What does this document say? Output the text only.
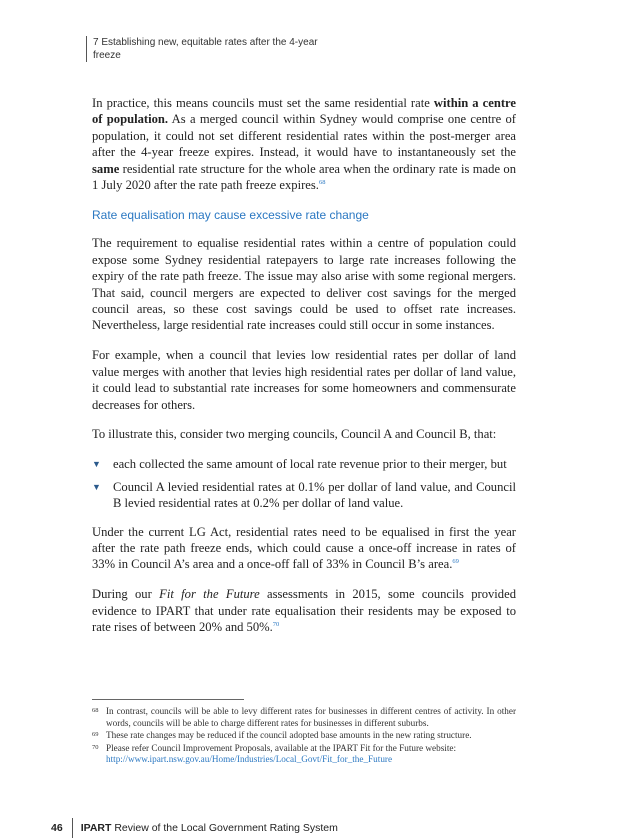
7 Establishing new, equitable rates after the 4-year
freeze

In practice, this means councils must set the same residential rate within a centre of population. As a merged council within Sydney would comprise one centre of population, it could not set different residential rates within the post-merger area after the 4-year freeze expires. Instead, it would have to instantaneously set the same residential rate structure for the whole area when the ordinary rate is made on 1 July 2020 after the rate path freeze expires.$^{68}$

Rate equalisation may cause excessive rate change

The requirement to equalise residential rates within a centre of population could expose some Sydney residential ratepayers to large rate increases following the expiry of the rate path freeze. The issue may also arise with some regional mergers. That said, council mergers are expected to deliver cost savings for the merged council areas, so these cost savings could be used to offset rate increases. Nevertheless, large residential rate increases could still occur in some instances.

For example, when a council that levies low residential rates per dollar of land value merges with another that levies high residential rates per dollar of land value, it could lead to substantial rate increases for some homeowners and commensurate decreases for others.

To illustrate this, consider two merging councils, Council A and Council B, that:

▼ each collected the same amount of local rate revenue prior to their merger, but
▼ Council A levied residential rates at 0.1% per dollar of land value, and Council B levied residential rates at 0.2% per dollar of land value.

Under the current LG Act, residential rates need to be equalised in first the year after the rate path freeze ends, which could cause a once-off increase in rates of 33% in Council A’s area and a once-off fall of 33% in Council B’s area.$^{69}$

During our Fit for the Future assessments in 2015, some councils provided evidence to IPART that under rate equalisation their residents may be exposed to rate rises of between 20% and 50%.$^{70}$

68 In contrast, councils will be able to levy different rates for businesses in different centres of activity. In other words, councils will be able to charge different rates for businesses in different suburbs.
69 These rate changes may be reduced if the council adopted base amounts in the new rating structure.
70 Please refer Council Improvement Proposals, available at the IPART Fit for the Future website:
http://www.ipart.nsw.gov.au/Home/Industries/Local_Govt/Fit_for_the_Future
46 IPART Review of the Local Government Rating System
